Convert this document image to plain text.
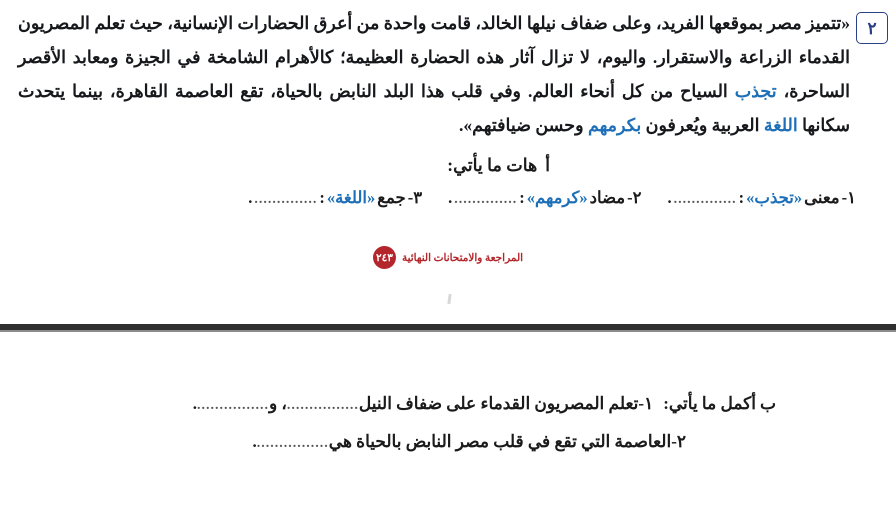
٢
«تتميز مصر بموقعها الفريد، وعلى ضفاف نيلها الخالد، قامت واحدة من أعرق الحضارات الإنسانية، حيث تعلم المصريون القدماء الزراعة والاستقرار. واليوم، لا تزال آثار هذه الحضارة العظيمة؛ كالأهرام الشامخة في الجيزة ومعابد الأقصر الساحرة، تجذب السياح من كل أنحاء العالم. وفي قلب هذا البلد النابض بالحياة، تقع العاصمة القاهرة، بينما يتحدث سكانها اللغة العربية ويُعرفون بكرمهم وحسن ضيافتهم».
أ
هات ما يأتي:
١-
معنى
«تجذب»
:
..............
.
٢-
مضاد
«كرمهم»
:
..............
.
٣-
جمع
«اللغة»
:
..............
.
المراجعة والامتحانات النهائية
٢٤٣
ب
أكمل ما يأتي:
١-
تعلم المصريون القدماء على ضفاف النيل
................
، و
................
.
٢-
العاصمة التي تقع في قلب مصر النابض بالحياة هي
................
.
